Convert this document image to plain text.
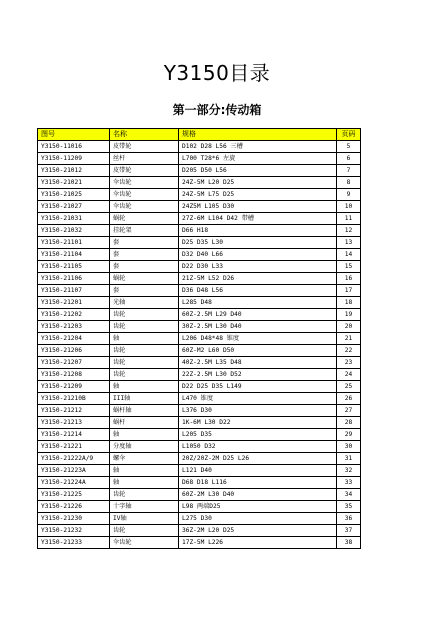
Y3150目录
第一部分:传动箱
图号	名称	规格	页码
Y3150-11016	皮带轮	D102 D28 L56 三槽	5
Y3150-11209	丝杆	L700 T28*6 左旋	6
Y3150-21012	皮带轮	D205 D50 L56	7
Y3150-21021	伞齿轮	24Z-5M L20 D25	8
Y3150-21025	伞齿轮	24Z-5M L75 D25	9
Y3150-21027	伞齿轮	24Z5M L105 D30	10
Y3150-21031	蜗轮	27Z-6M L104 D42 带槽	11
Y3150-21032	挂轮架	D66 H18	12
Y3150-21101	套	D25 D35 L30	13
Y3150-21104	套	D32 D40 L66	14
Y3150-21105	套	D22 D30 L33	15
Y3150-21106	蜗轮	21Z-5M L52 D26	16
Y3150-21107	套	D36 D48 L56	17
Y3150-21201	光轴	L285 D48	18
Y3150-21202	齿轮	60Z-2.5M L29 D40	19
Y3150-21203	齿轮	30Z-2.5M L30 D40	20
Y3150-21204	轴	L206 D48*48 锥度	21
Y3150-21206	齿轮	60Z-M2 L60 D50	22
Y3150-21207	齿轮	40Z-2.5M L35 D48	23
Y3150-21208	齿轮	22Z-2.5M L30 D52	24
Y3150-21209	轴	D22 D25 D35 L149	25
Y3150-21210B	III轴	L470 锥度	26
Y3150-21212	蜗杆轴	L376 D30	27
Y3150-21213	蜗杆	1K-6M L30 D22	28
Y3150-21214	轴	L205 D35	29
Y3150-21221	分度轴	L1050 D32	30
Y3150-21222A/9	螺伞	20Z/20Z-2M D25 L26	31
Y3150-21223A	轴	L121 D40	32
Y3150-21224A	轴	D68 D18 L116	33
Y3150-21225	齿轮	60Z-2M L30 D40	34
Y3150-21226	十字轴	L98 两端D25	35
Y3150-21230	IV轴	L275 D30	36
Y3150-21232	齿轮	36Z-2M L20 D25	37
Y3150-21233	伞齿轮	17Z-5M L226	38
